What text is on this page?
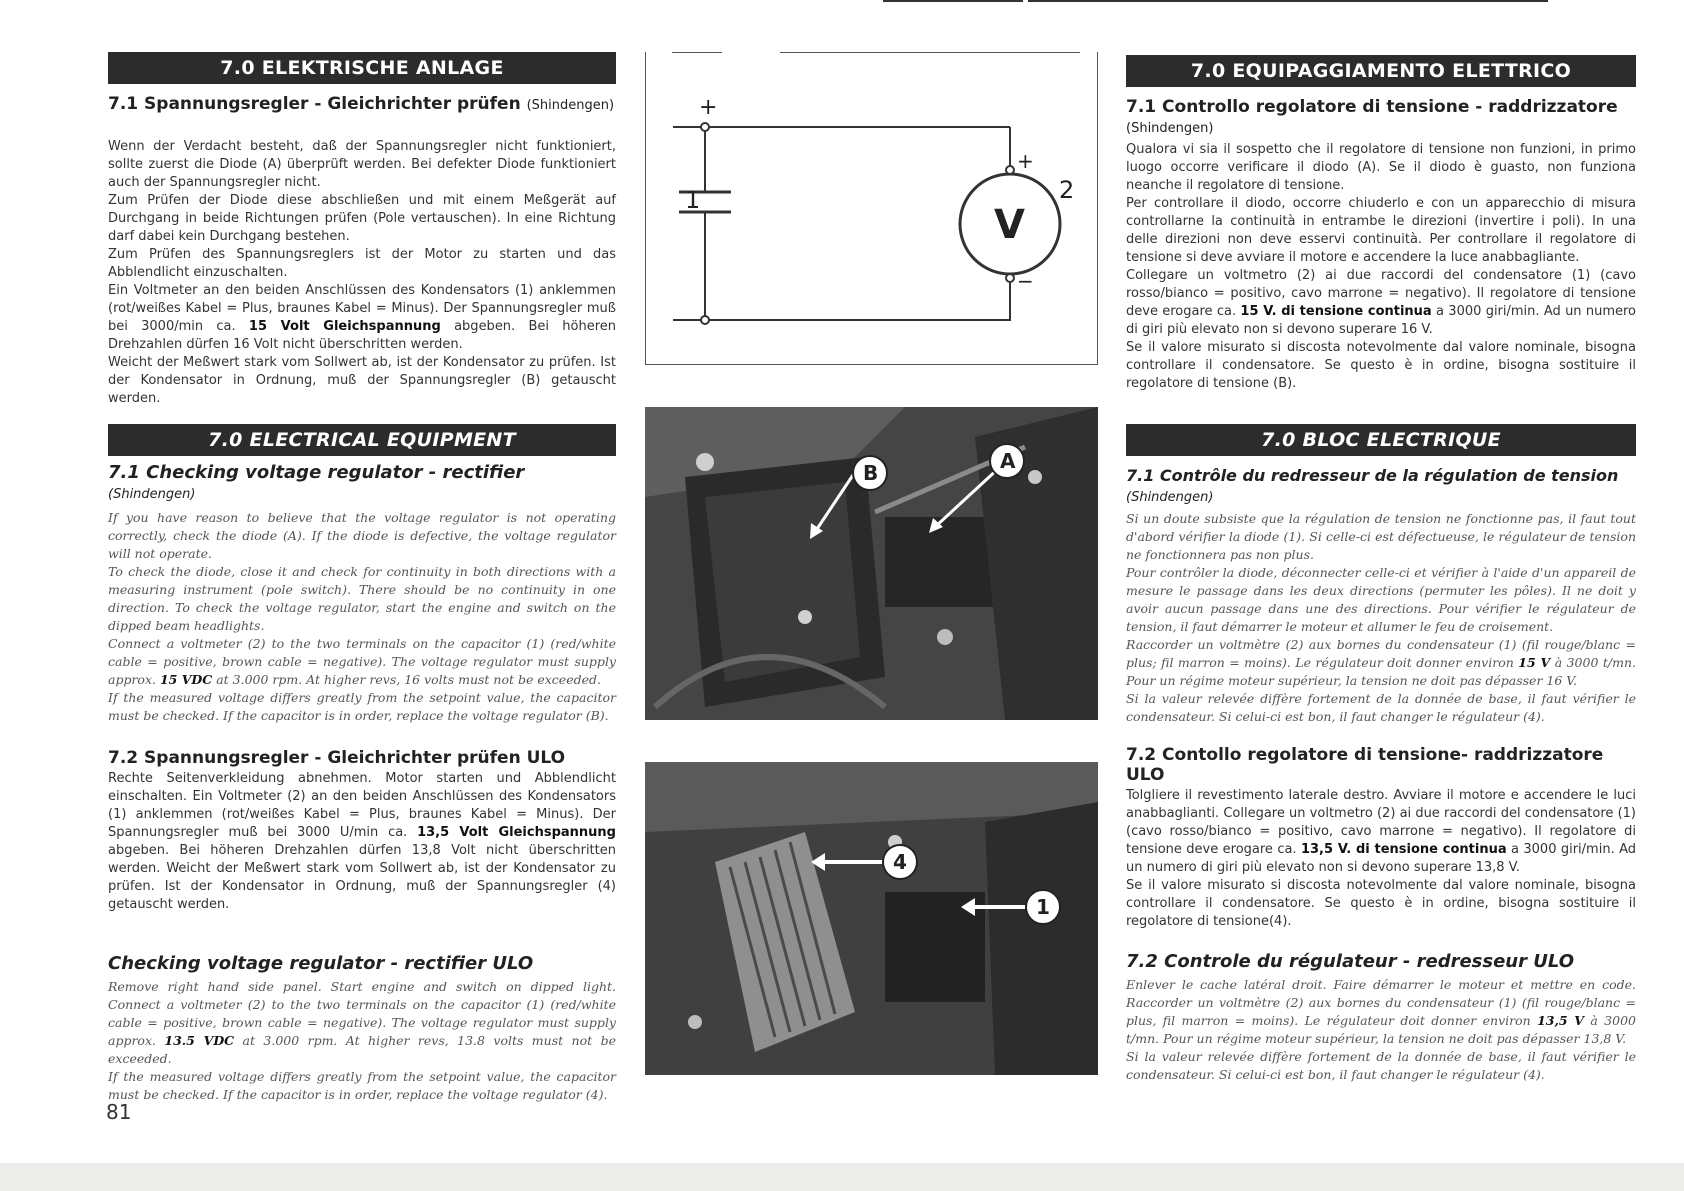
7.0 ELEKTRISCHE ANLAGE
7.1 Spannungsregler - Gleichrichter prüfen (Shindengen)
Wenn der Verdacht besteht, daß der Spannungsregler nicht funktioniert, sollte zuerst die Diode (A) überprüft werden. Bei defekter Diode funktioniert auch der Spannungsregler nicht.
Zum Prüfen der Diode diese abschließen und mit einem Meßgerät auf Durchgang in beide Richtungen prüfen (Pole vertauschen). In eine Richtung darf dabei kein Durchgang bestehen.
Zum Prüfen des Spannungsreglers ist der Motor zu starten und das Abblendlicht einzuschalten.
Ein Voltmeter an den beiden Anschlüssen des Kondensators (1) anklemmen (rot/weißes Kabel = Plus, braunes Kabel = Minus). Der Spannungsregler muß bei 3000/min ca. 15 Volt Gleichspannung abgeben. Bei höheren Drehzahlen dürfen 16 Volt nicht überschritten werden.
Weicht der Meßwert stark vom Sollwert ab, ist der Kondensator zu prüfen. Ist der Kondensator in Ordnung, muß der Spannungsregler (B) getauscht werden.
7.0 ELECTRICAL EQUIPMENT
7.1 Checking voltage regulator - rectifier (Shindengen)
If you have reason to believe that the voltage regulator is not operating correctly, check the diode (A). If the diode is defective, the voltage regulator will not operate.
To check the diode, close it and check for continuity in both directions with a measuring instrument (pole switch). There should be no continuity in one direction. To check the voltage regulator, start the engine and switch on the dipped beam headlights.
Connect a voltmeter (2) to the two terminals on the capacitor (1) (red/white cable = positive, brown cable = negative). The voltage regulator must supply approx. 15 VDC at 3.000 rpm. At higher revs, 16 volts must not be exceeded.
If the measured voltage differs greatly from the setpoint value, the capacitor must be checked. If the capacitor is in order, replace the voltage regulator (B).
7.2 Spannungsregler - Gleichrichter prüfen ULO
Rechte Seitenverkleidung abnehmen. Motor starten und Abblendlicht einschalten. Ein Voltmeter (2) an den beiden Anschlüssen des Kondensators (1) anklemmen (rot/weißes Kabel = Plus, braunes Kabel = Minus). Der Spannungsregler muß bei 3000 U/min ca. 13,5 Volt Gleichspannung abgeben. Bei höheren Drehzahlen dürfen 13,8 Volt nicht überschritten werden. Weicht der Meßwert stark vom Sollwert ab, ist der Kondensator zu prüfen. Ist der Kondensator in Ordnung, muß der Spannungsregler (4) getauscht werden.
Checking voltage regulator - rectifier ULO
Remove right hand side panel. Start engine and switch on dipped light. Connect a voltmeter (2) to the two terminals on the capacitor (1) (red/white cable = positive, brown cable = negative). The voltage regulator must supply approx. 13.5 VDC at 3.000 rpm. At higher revs, 13.8 volts must not be exceeded.
If the measured voltage differs greatly from the setpoint value, the capacitor must be checked. If the capacitor is in order, replace the voltage regulator (4).
81
+
1
V
+
−
2
B	A
4
1
7.0 EQUIPAGGIAMENTO ELETTRICO
7.1 Controllo regolatore di tensione - raddrizzatore (Shindengen)
Qualora vi sia il sospetto che il regolatore di tensione non funzioni, in primo luogo occorre verificare il diodo (A). Se il diodo è guasto, non funziona neanche il regolatore di tensione.
Per controllare il diodo, occorre chiuderlo e con un apparecchio di misura controllarne la continuità in entrambe le direzioni (invertire i poli). In una delle direzioni non deve esservi continuità. Per controllare il regolatore di tensione si deve avviare il motore e accendere la luce anabbagliante.
Collegare un voltmetro (2) ai due raccordi del condensatore (1) (cavo rosso/bianco = positivo, cavo marrone = negativo). Il regolatore di tensione deve erogare ca. 15 V. di tensione continua a 3000 giri/min. Ad un numero di giri più elevato non si devono superare 16 V.
Se il valore misurato si discosta notevolmente dal valore nominale, bisogna controllare il condensatore. Se questo è in ordine, bisogna sostituire il regolatore di tensione (B).
7.0 BLOC ELECTRIQUE
7.1 Contrôle du redresseur de la régulation de tension (Shindengen)
Si un doute subsiste que la régulation de tension ne fonctionne pas, il faut tout d'abord vérifier la diode (1). Si celle-ci est défectueuse, le régulateur de tension ne fonctionnera pas non plus.
Pour contrôler la diode, déconnecter celle-ci et vérifier à l'aide d'un appareil de mesure le passage dans les deux directions (permuter les pôles). Il ne doit y avoir aucun passage dans une des directions. Pour vérifier le régulateur de tension, il faut démarrer le moteur et allumer le feu de croisement.
Raccorder un voltmètre (2) aux bornes du condensateur (1) (fil rouge/blanc = plus; fil marron = moins). Le régulateur doit donner environ 15 V à 3000 t/mn. Pour un régime moteur supérieur, la tension ne doit pas dépasser 16 V.
Si la valeur relevée diffère fortement de la donnée de base, il faut vérifier le condensateur. Si celui-ci est bon, il faut changer le régulateur (4).
7.2 Contollo regolatore di tensione- raddrizzatore ULO
Tolgliere il revestimento laterale destro. Avviare il motore e accendere le luci anabbaglianti. Collegare un voltmetro (2) ai due raccordi del condensatore (1) (cavo rosso/bianco = positivo, cavo marrone = negativo). Il regolatore di tensione deve erogare ca. 13,5 V. di tensione continua a 3000 giri/min. Ad un numero di giri più elevato non si devono superare 13,8 V.
Se il valore misurato si discosta notevolmente dal valore nominale, bisogna controllare il condensatore. Se questo è in ordine, bisogna sostituire il regolatore di tensione(4).
7.2 Controle du régulateur - redresseur ULO
Enlever le cache latéral droit. Faire démarrer le moteur et mettre en code. Raccorder un voltmètre (2) aux bornes du condensateur (1) (fil rouge/blanc = plus, fil marron = moins). Le régulateur doit donner environ 13,5 V à 3000 t/mn. Pour un régime moteur supérieur, la tension ne doit pas dépasser 13,8 V.
Si la valeur relevée diffère fortement de la donnée de base, il faut vérifier le condensateur. Si celui-ci est bon, il faut changer le régulateur (4).
